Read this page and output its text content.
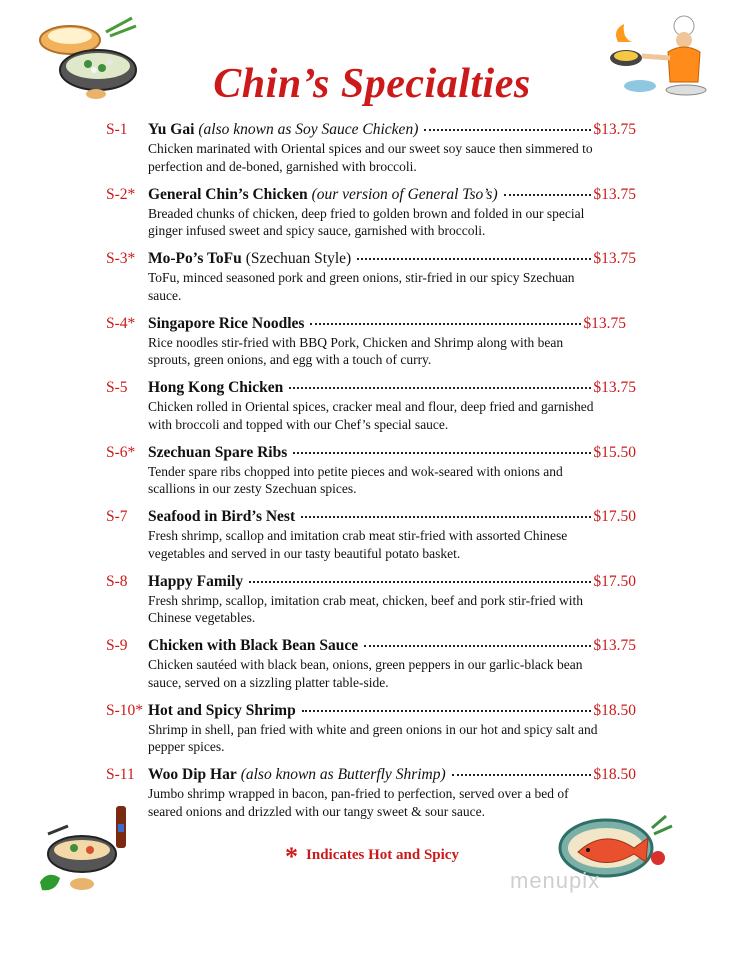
Chin’s Specialties
S-1 Yu Gai (also known as Soy Sauce Chicken)	$13.75
Chicken marinated with Oriental spices and our sweet soy sauce then simmered to perfection and de-boned, garnished with broccoli.
S-2* General Chin’s Chicken (our version of General Tso’s)	$13.75
Breaded chunks of chicken, deep fried to golden brown and folded in our special ginger infused sweet and spicy sauce, garnished with broccoli.
S-3* Mo-Po’s ToFu (Szechuan Style)	$13.75
ToFu, minced seasoned pork and green onions, stir-fried in our spicy Szechuan sauce.
S-4* Singapore Rice Noodles	$13.75
Rice noodles stir-fried with BBQ Pork, Chicken and Shrimp along with bean sprouts, green onions, and egg with a touch of curry.
S-5 Hong Kong Chicken	$13.75
Chicken rolled in Oriental spices, cracker meal and flour, deep fried and garnished with broccoli and topped with our Chef’s special sauce.
S-6* Szechuan Spare Ribs	$15.50
Tender spare ribs chopped into petite pieces and wok-seared with onions and scallions in our zesty Szechuan spices.
S-7 Seafood in Bird’s Nest	$17.50
Fresh shrimp, scallop and imitation crab meat stir-fried with assorted Chinese vegetables and served in our tasty beautiful potato basket.
S-8 Happy Family	$17.50
Fresh shrimp, scallop, imitation crab meat, chicken, beef and pork stir-fried with Chinese vegetables.
S-9 Chicken with Black Bean Sauce	$13.75
Chicken sautéed with black bean, onions, green peppers in our garlic-black bean sauce, served on a sizzling platter table-side.
S-10* Hot and Spicy Shrimp	$18.50
Shrimp in shell, pan fried with white and green onions in our hot and spicy salt and pepper spices.
S-11 Woo Dip Har (also known as Butterfly Shrimp)	$18.50
Jumbo shrimp wrapped in bacon, pan-fried to perfection, served over a bed of seared onions and drizzled with our tangy sweet & sour sauce.
* Indicates Hot and Spicy
menupix
